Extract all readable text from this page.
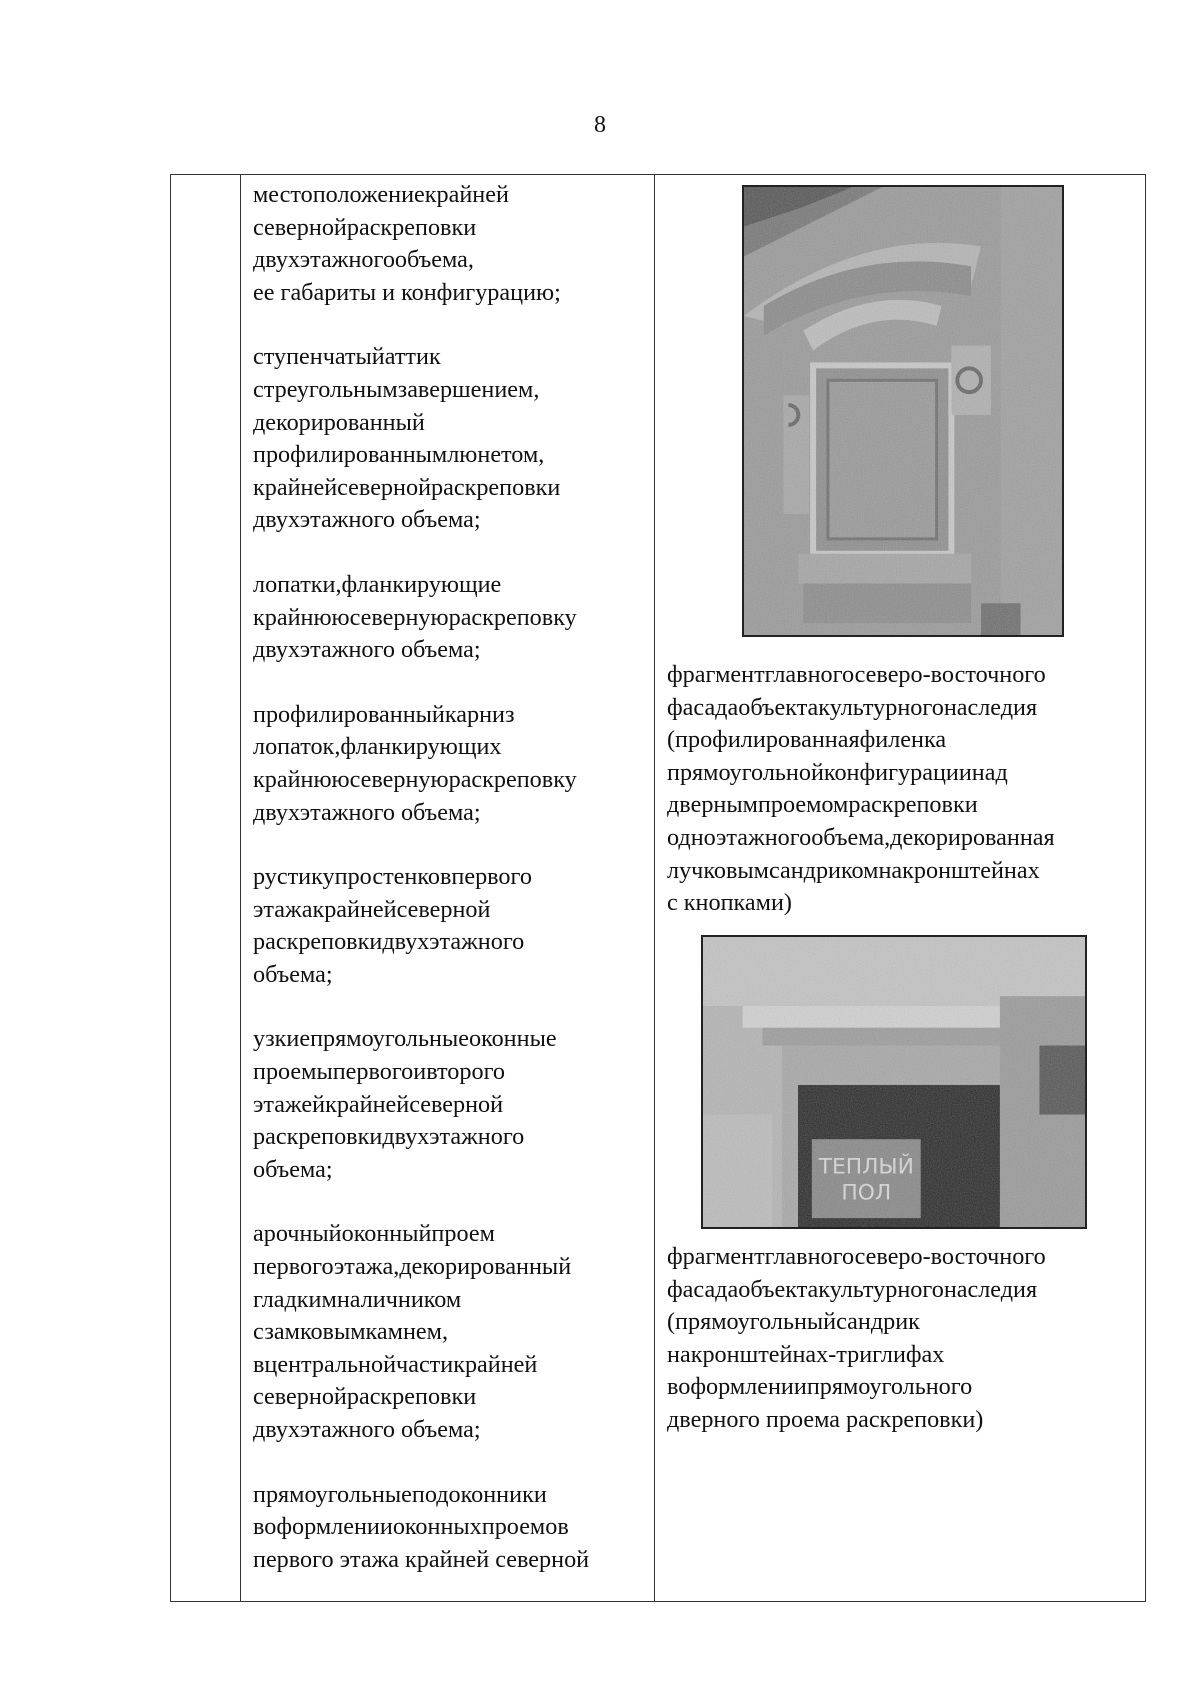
8
местоположениекрайней
севернойраскреповки
двухэтажногообъема,
ее габариты и конфигурацию;
ступенчатыйаттик
стреугольнымзавершением,
декорированный
профилированнымлюнетом,
крайнейсевернойраскреповки
двухэтажного объема;
лопатки,фланкирующие
крайнююсевернуюраскреповку
двухэтажного объема;
профилированныйкарниз
лопаток,фланкирующих
крайнююсевернуюраскреповку
двухэтажного объема;
рустикупростенковпервого
этажакрайнейсеверной
раскреповкидвухэтажного
объема;
узкиепрямоугольныеоконные
проемыпервогоивторого
этажейкрайнейсеверной
раскреповкидвухэтажного
объема;
арочныйоконныйпроем
первогоэтажа,декорированный
гладкимналичником
сзамковымкамнем,
вцентральнойчастикрайней
севернойраскреповки
двухэтажного объема;
прямоугольныеподоконники
воформленииоконныхпроемов
первого этажа крайней северной
фрагментглавногосеверо-восточного
фасадаобъектакультурногонаследия
(профилированнаяфиленка
прямоугольнойконфигурациинад
двернымпроемомраскреповки
одноэтажногообъема,декорированная
лучковымсандрикомнакронштейнах
с кнопками)
фрагментглавногосеверо-восточного
фасадаобъектакультурногонаследия
(прямоугольныйсандрик
накронштейнах-триглифах
воформлениипрямоугольного
дверного проема раскреповки)
